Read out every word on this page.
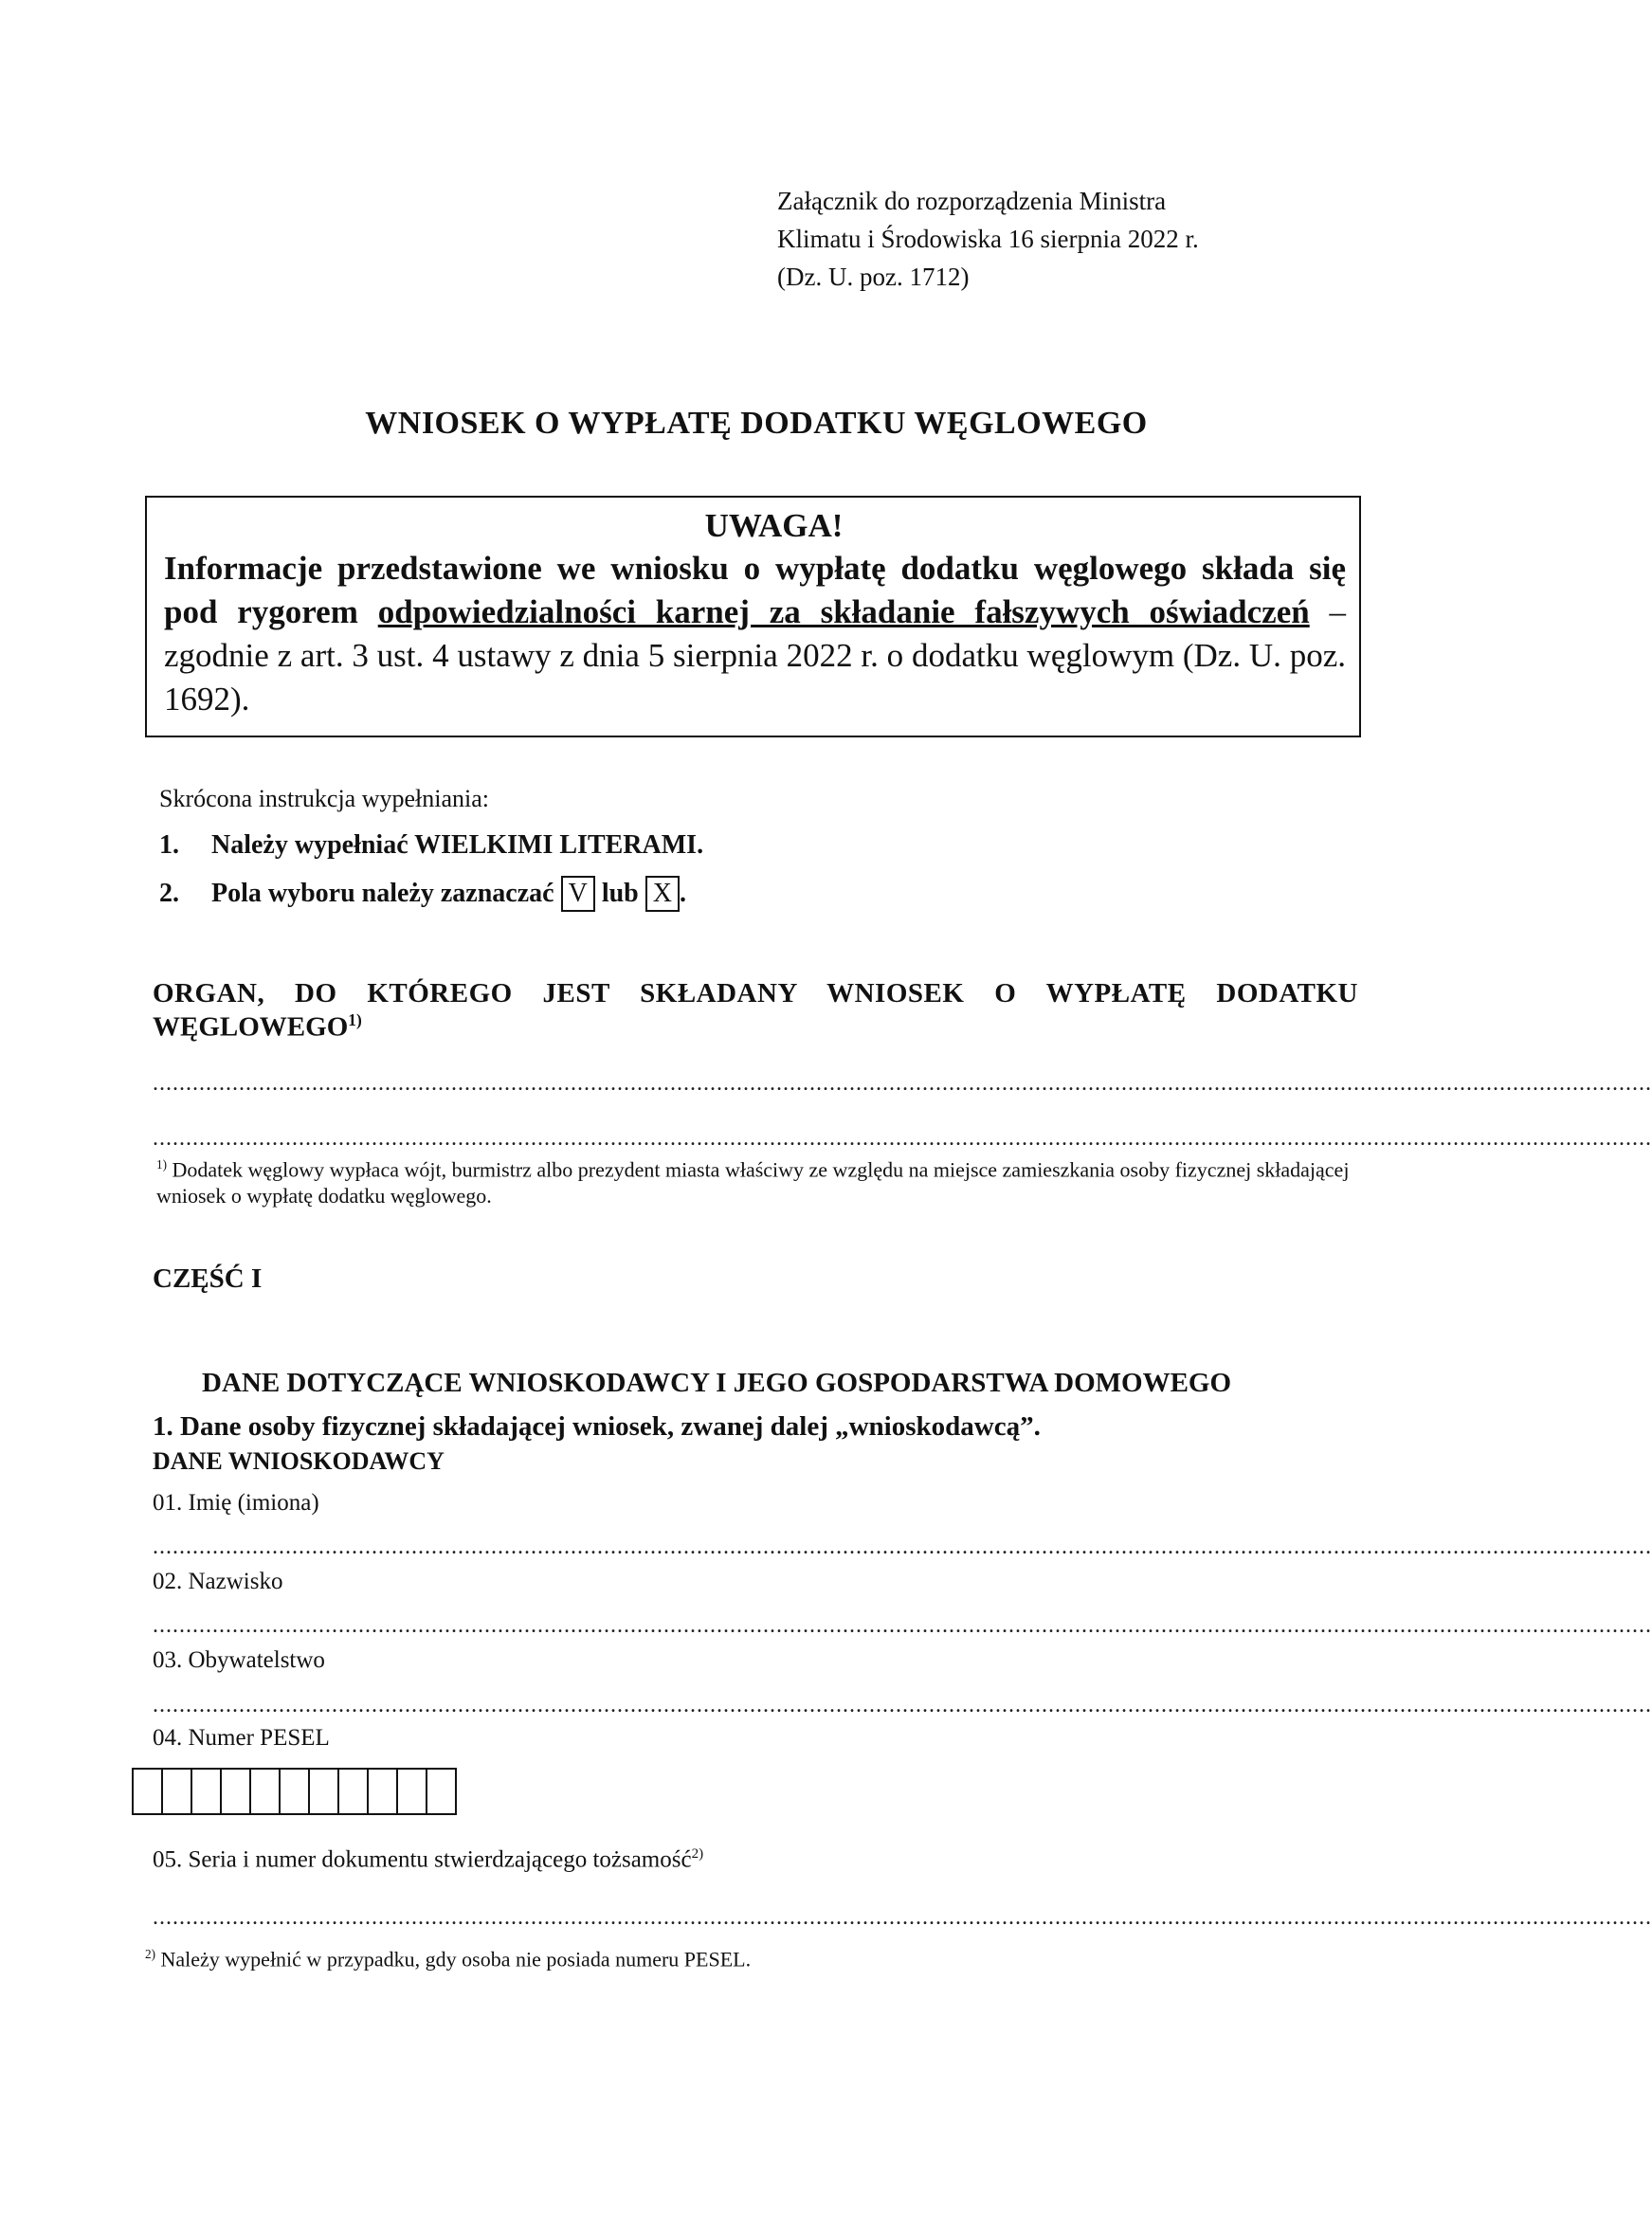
Załącznik do rozporządzenia Ministra
Klimatu i Środowiska 16 sierpnia 2022 r.
(Dz. U. poz. 1712)
WNIOSEK O WYPŁATĘ DODATKU WĘGLOWEGO
UWAGA!
Informacje przedstawione we wniosku o wypłatę dodatku węglowego składa się pod rygorem odpowiedzialności karnej za składanie fałszywych oświadczeń – zgodnie z art. 3 ust. 4 ustawy z dnia 5 sierpnia 2022 r. o dodatku węglowym (Dz. U. poz. 1692).
Skrócona instrukcja wypełniania:
1. Należy wypełniać WIELKIMI LITERAMI.
2. Pola wyboru należy zaznaczać V lub X .
ORGAN, DO KTÓREGO JEST SKŁADANY WNIOSEK O WYPŁATĘ DODATKU
WĘGLOWEGO$^{1)}$
..................................................................................................................................................................................................................................
..................................................................................................................................................................................................................................
$^{1)}$ Dodatek węglowy wypłaca wójt, burmistrz albo prezydent miasta właściwy ze względu na miejsce zamieszkania osoby fizycznej składającej wniosek o wypłatę dodatku węglowego.
CZĘŚĆ I
DANE DOTYCZĄCE WNIOSKODAWCY I JEGO GOSPODARSTWA DOMOWEGO
1. Dane osoby fizycznej składającej wniosek, zwanej dalej „wnioskodawcą”.
DANE WNIOSKODAWCY
01. Imię (imiona)
..................................................................................................................................................................................................................................
02. Nazwisko
..................................................................................................................................................................................................................................
03. Obywatelstwo
..................................................................................................................................................................................................................................
04. Numer PESEL
05. Seria i numer dokumentu stwierdzającego tożsamość$^{2)}$
..................................................................................................................................................................................................................................
$^{2)}$ Należy wypełnić w przypadku, gdy osoba nie posiada numeru PESEL.
